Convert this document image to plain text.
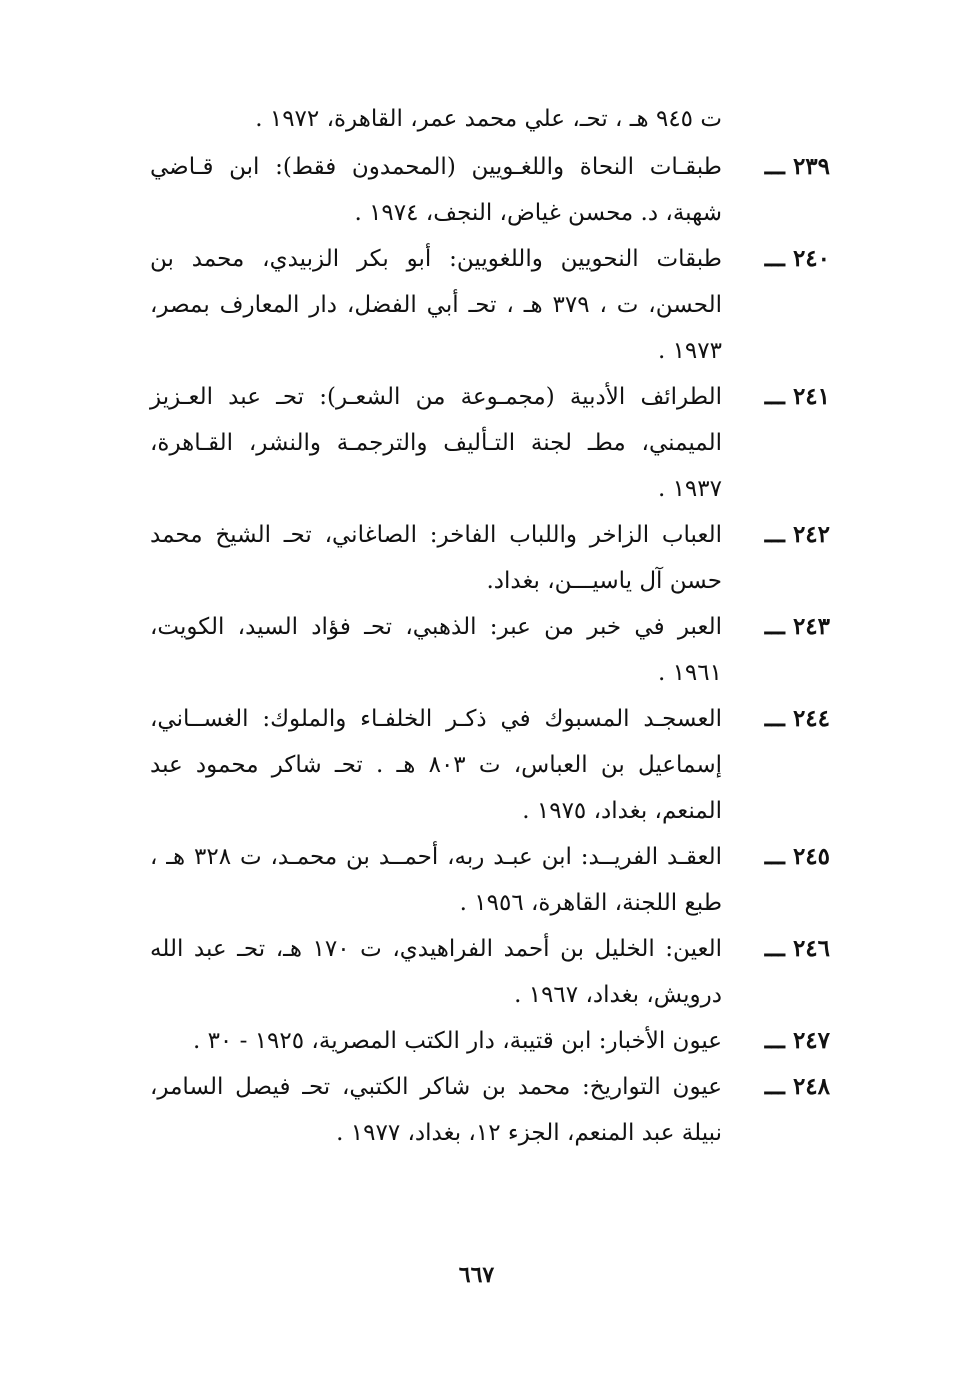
ت ٩٤٥ هـ ، تحـ، علي محمد عمر، القاهرة، ١٩٧٢ .
٢٣٩ ـــ
طبقـات النحاة واللغـويين (المحمدون فقط): ابن قـاضي شهبة، د. محسن غياض، النجف، ١٩٧٤ .
٢٤٠ ـــ
طبقات النحويين واللغويين: أبو بكر الزبيدي، محمد بن الحسن، ت ، ٣٧٩ هـ ، تحـ أبي الفضل، دار المعارف بمصر، ١٩٧٣ .
٢٤١ ـــ
الطرائف الأدبية (مجمـوعة من الشعـر): تحـ عبد العـزيز الميمني، مطـ لجنة التـأليف والترجمـة والنشر، القـاهرة، ١٩٣٧ .
٢٤٢ ـــ
العباب الزاخر واللباب الفاخر: الصاغاني، تحـ الشيخ محمد حسن آل ياسيـــن، بغداد.
٢٤٣ ـــ
العبر في خبر من عبر: الذهبي، تحـ فؤاد السيد، الكويت، ١٩٦١ .
٢٤٤ ـــ
العسجـد المسبوك في ذكـر الخلفـاء والملوك: الغســاني، إسماعيل بن العباس، ت ٨٠٣ هـ . تحـ شاكر محمود عبد المنعم، بغداد، ١٩٧٥ .
٢٤٥ ـــ
العقـد الفريــد: ابن عبـد ربه، أحمــد بن محمـد، ت ٣٢٨ هـ ، طبع اللجنة، القاهرة، ١٩٥٦ .
٢٤٦ ـــ
العين: الخليل بن أحمد الفراهيدي، ت ١٧٠ هـ، تحـ عبد الله درويش، بغداد، ١٩٦٧ .
٢٤٧ ـــ
عيون الأخبار: ابن قتيبة، دار الكتب المصرية، ١٩٢٥ - ٣٠ .
٢٤٨ ـــ
عيون التواريخ: محمد بن شاكر الكتبي، تحـ فيصل السامر، نبيلة عبد المنعم، الجزء ١٢، بغداد، ١٩٧٧ .
٦٦٧
